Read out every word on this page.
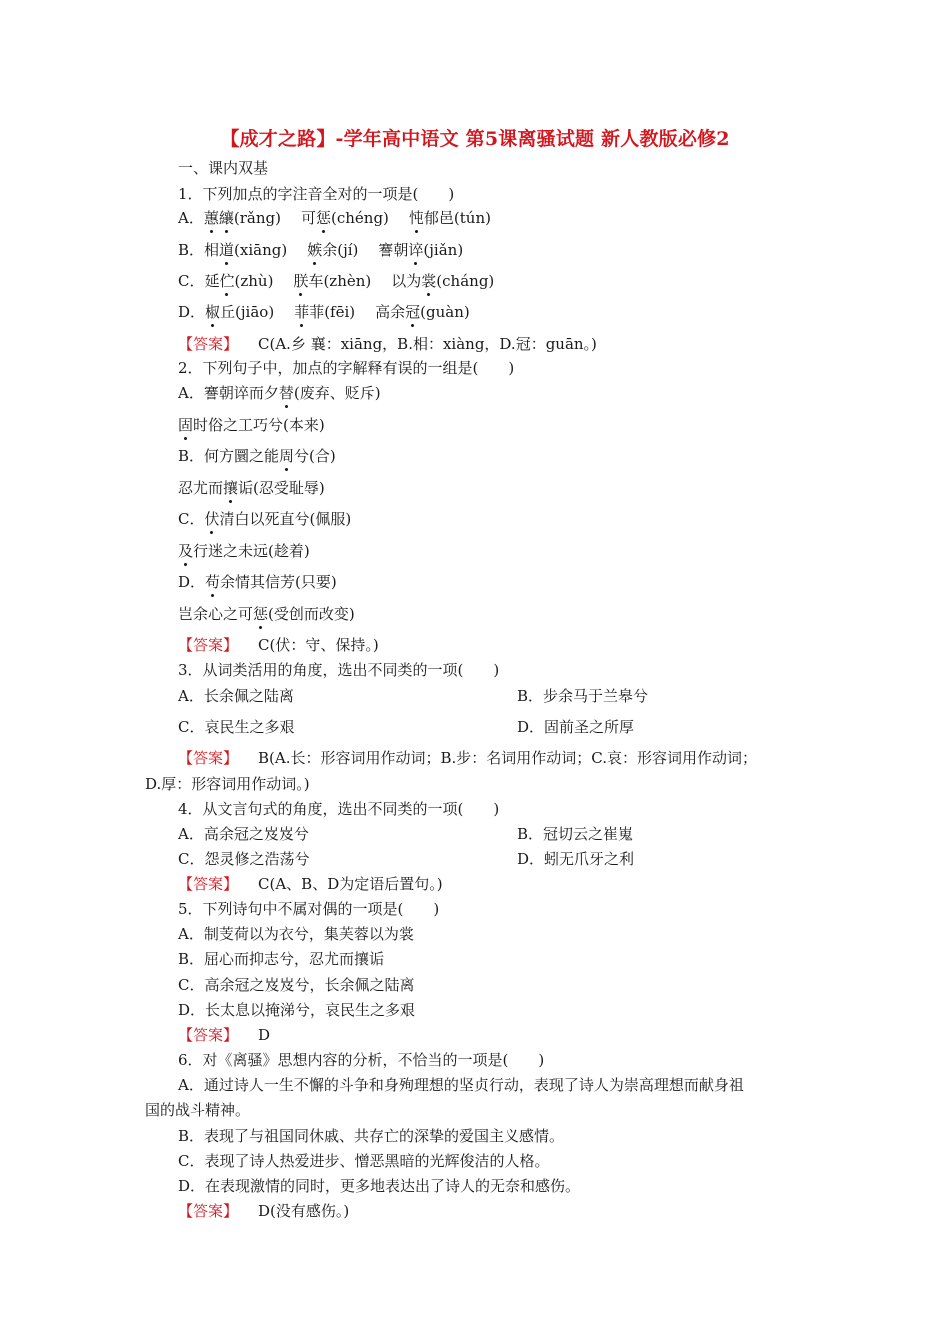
【成才之路】-学年高中语文 第5课离骚试题 新人教版必修2
一、课内双基
1．下列加点的字注音全对的一项是(　　)
A．蕙纕(rǎng) 可惩(chéng) 忳郁邑(tún)
B．相道(xiāng) 嫉余(jí) 謇朝谇(jiǎn)
C．延伫(zhù) 朕车(zhèn) 以为裳(cháng)
D．椒丘(jiāo) 菲菲(fēi) 高余冠(guàn)
【答案】 C(A.乡 襄：xiāng，B.相：xiàng，D.冠：guān。)
2．下列句子中，加点的字解释有误的一组是(　　)
A．謇朝谇而夕替(废弃、贬斥)
固时俗之工巧兮(本来)
B．何方圜之能周兮(合)
忍尤而攘诟(忍受耻辱)
C．伏清白以死直兮(佩服)
及行迷之未远(趁着)
D．苟余情其信芳(只要)
岂余心之可惩(受创而改变)
【答案】 C(伏：守、保持。)
3．从词类活用的角度，选出不同类的一项(　　)
A．长余佩之陆离	B．步余马于兰皋兮
C．哀民生之多艰	D．固前圣之所厚
【答案】 B(A.长：形容词用作动词；B.步：名词用作动词；C.哀：形容词用作动词；
D.厚：形容词用作动词。)
4．从文言句式的角度，选出不同类的一项(　　)
A．高余冠之岌岌兮	B．冠切云之崔嵬
C．怨灵修之浩荡兮	D．蚓无爪牙之利
【答案】 C(A、B、D为定语后置句。)
5．下列诗句中不属对偶的一项是(　　)
A．制芰荷以为衣兮，集芙蓉以为裳
B．屈心而抑志兮，忍尤而攘诟
C．高余冠之岌岌兮，长余佩之陆离
D．长太息以掩涕兮，哀民生之多艰
【答案】 D
6．对《离骚》思想内容的分析，不恰当的一项是(　　)
A．通过诗人一生不懈的斗争和身殉理想的坚贞行动，表现了诗人为崇高理想而献身祖
国的战斗精神。
B．表现了与祖国同休戚、共存亡的深挚的爱国主义感情。
C．表现了诗人热爱进步、憎恶黑暗的光辉俊洁的人格。
D．在表现激情的同时，更多地表达出了诗人的无奈和感伤。
【答案】 D(没有感伤。)
